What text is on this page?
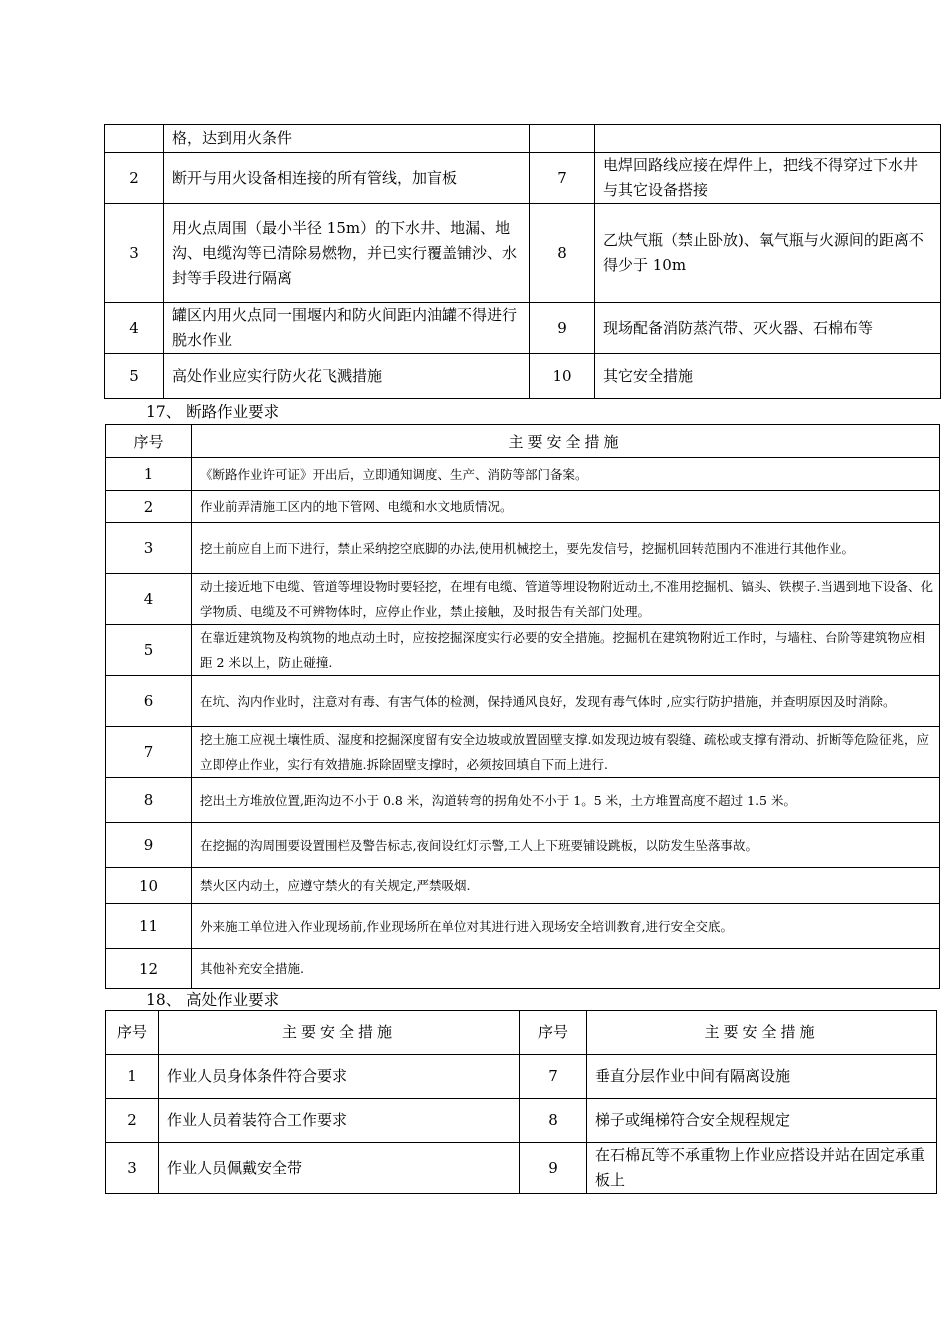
	格，达到用火条件		
2	断开与用火设备相连接的所有管线，加盲板	7	电焊回路线应接在焊件上，把线不得穿过下水井与其它设备搭接
3	用火点周围（最小半径 15m）的下水井、地漏、地沟、电缆沟等已清除易燃物，并已实行覆盖铺沙、水封等手段进行隔离	8	乙炔气瓶（禁止卧放)、氧气瓶与火源间的距离不得少于 10m
4	罐区内用火点同一围堰内和防火间距内油罐不得进行脱水作业	9	现场配备消防蒸汽带、灭火器、石棉布等
5	高处作业应实行防火花飞溅措施	10	其它安全措施
17、 断路作业要求
序号	主要安全措施
1	《断路作业许可证》开出后，立即通知调度、生产、消防等部门备案。
2	作业前弄清施工区内的地下管网、电缆和水文地质情况。
3	挖土前应自上而下进行，禁止采纳挖空底脚的办法,使用机械挖土，要先发信号，挖掘机回转范围内不准进行其他作业。
4	动土接近地下电缆、管道等埋设物时要轻挖，在埋有电缆、管道等埋设物附近动土,不准用挖掘机、镐头、铁楔子.当遇到地下设备、化学物质、电缆及不可辨物体时，应停止作业，禁止接触，及时报告有关部门处理。
5	在靠近建筑物及构筑物的地点动土时，应按挖掘深度实行必要的安全措施。挖掘机在建筑物附近工作时，与墙柱、台阶等建筑物应相距 2 米以上，防止碰撞.
6	在坑、沟内作业时，注意对有毒、有害气体的检测，保持通风良好，发现有毒气体时 ,应实行防护措施，并查明原因及时消除。
7	挖土施工应视土壤性质、湿度和挖掘深度留有安全边坡或放置固壁支撑.如发现边坡有裂缝、疏松或支撑有滑动、折断等危险征兆，应立即停止作业，实行有效措施.拆除固壁支撑时，必须按回填自下而上进行.
8	挖出土方堆放位置,距沟边不小于 0.8 米，沟道转弯的拐角处不小于 1。5 米，土方堆置高度不超过 1.5 米。
9	在挖掘的沟周围要设置围栏及警告标志,夜间设红灯示警,工人上下班要铺设跳板，以防发生坠落事故。
10	禁火区内动土，应遵守禁火的有关规定,严禁吸烟.
11	外来施工单位进入作业现场前,作业现场所在单位对其进行进入现场安全培训教育,进行安全交底。
12	其他补充安全措施.
18、 高处作业要求
序号	主要安全措施	序号	主要安全措施
1	作业人员身体条件符合要求	7	垂直分层作业中间有隔离设施
2	作业人员着装符合工作要求	8	梯子或绳梯符合安全规程规定
3	作业人员佩戴安全带	9	在石棉瓦等不承重物上作业应搭设并站在固定承重板上
